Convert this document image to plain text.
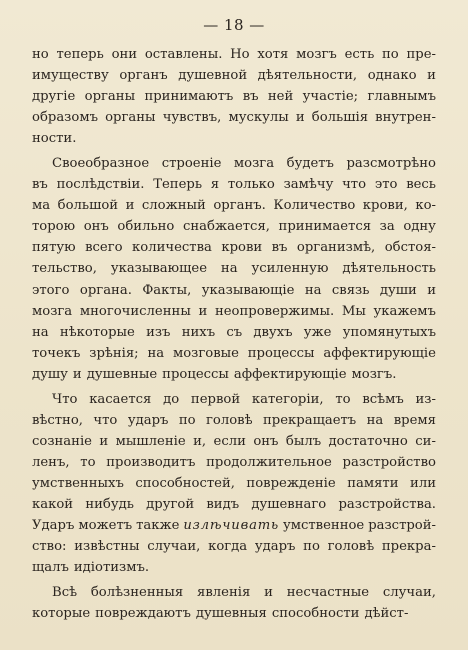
— 18 —
но теперь они оставлены. Но хотя мозгъ есть по пре-
имуществу органъ душевной дѣятельности, однако и
другіе органы принимаютъ въ ней участіе; главнымъ
образомъ органы чувствъ, мускулы и большія внутрен-
ности.
Своеобразное строеніе мозга будетъ разсмотрѣно
въ послѣдствіи. Теперь я только замѣчу что это весь
ма большой и сложный органъ. Количество крови, ко-
торою онъ обильно снабжается, принимается за одну
пятую всего количества крови въ организмѣ, обстоя-
тельство, указывающее на усиленную дѣятельность
этого органа. Факты, указывающіе на связь души и
мозга многочисленны и неопровержимы. Мы укажемъ
на нѣкоторые изъ нихъ съ двухъ уже упомянутыхъ
точекъ зрѣнія; на мозговые процессы аффектирующіе
душу и душевные процессы аффектирующіе мозгъ.
Что касается до первой категоріи, то всѣмъ из-
вѣстно, что ударъ по головѣ прекращаетъ на время
сознаніе и мышленіе и, если онъ былъ достаточно си-
ленъ, то производитъ продолжительное разстройство
умственныхъ способностей, поврежденіе памяти или
какой нибудь другой видъ душевнаго разстройства.
Ударъ можетъ также излѣчивать умственное разстрой-
ство: извѣстны случаи, когда ударъ по головѣ прекра-
щалъ идіотизмъ.
Всѣ болѣзненныя явленія и несчастные случаи,
которые повреждаютъ душевныя способности дѣйст-
